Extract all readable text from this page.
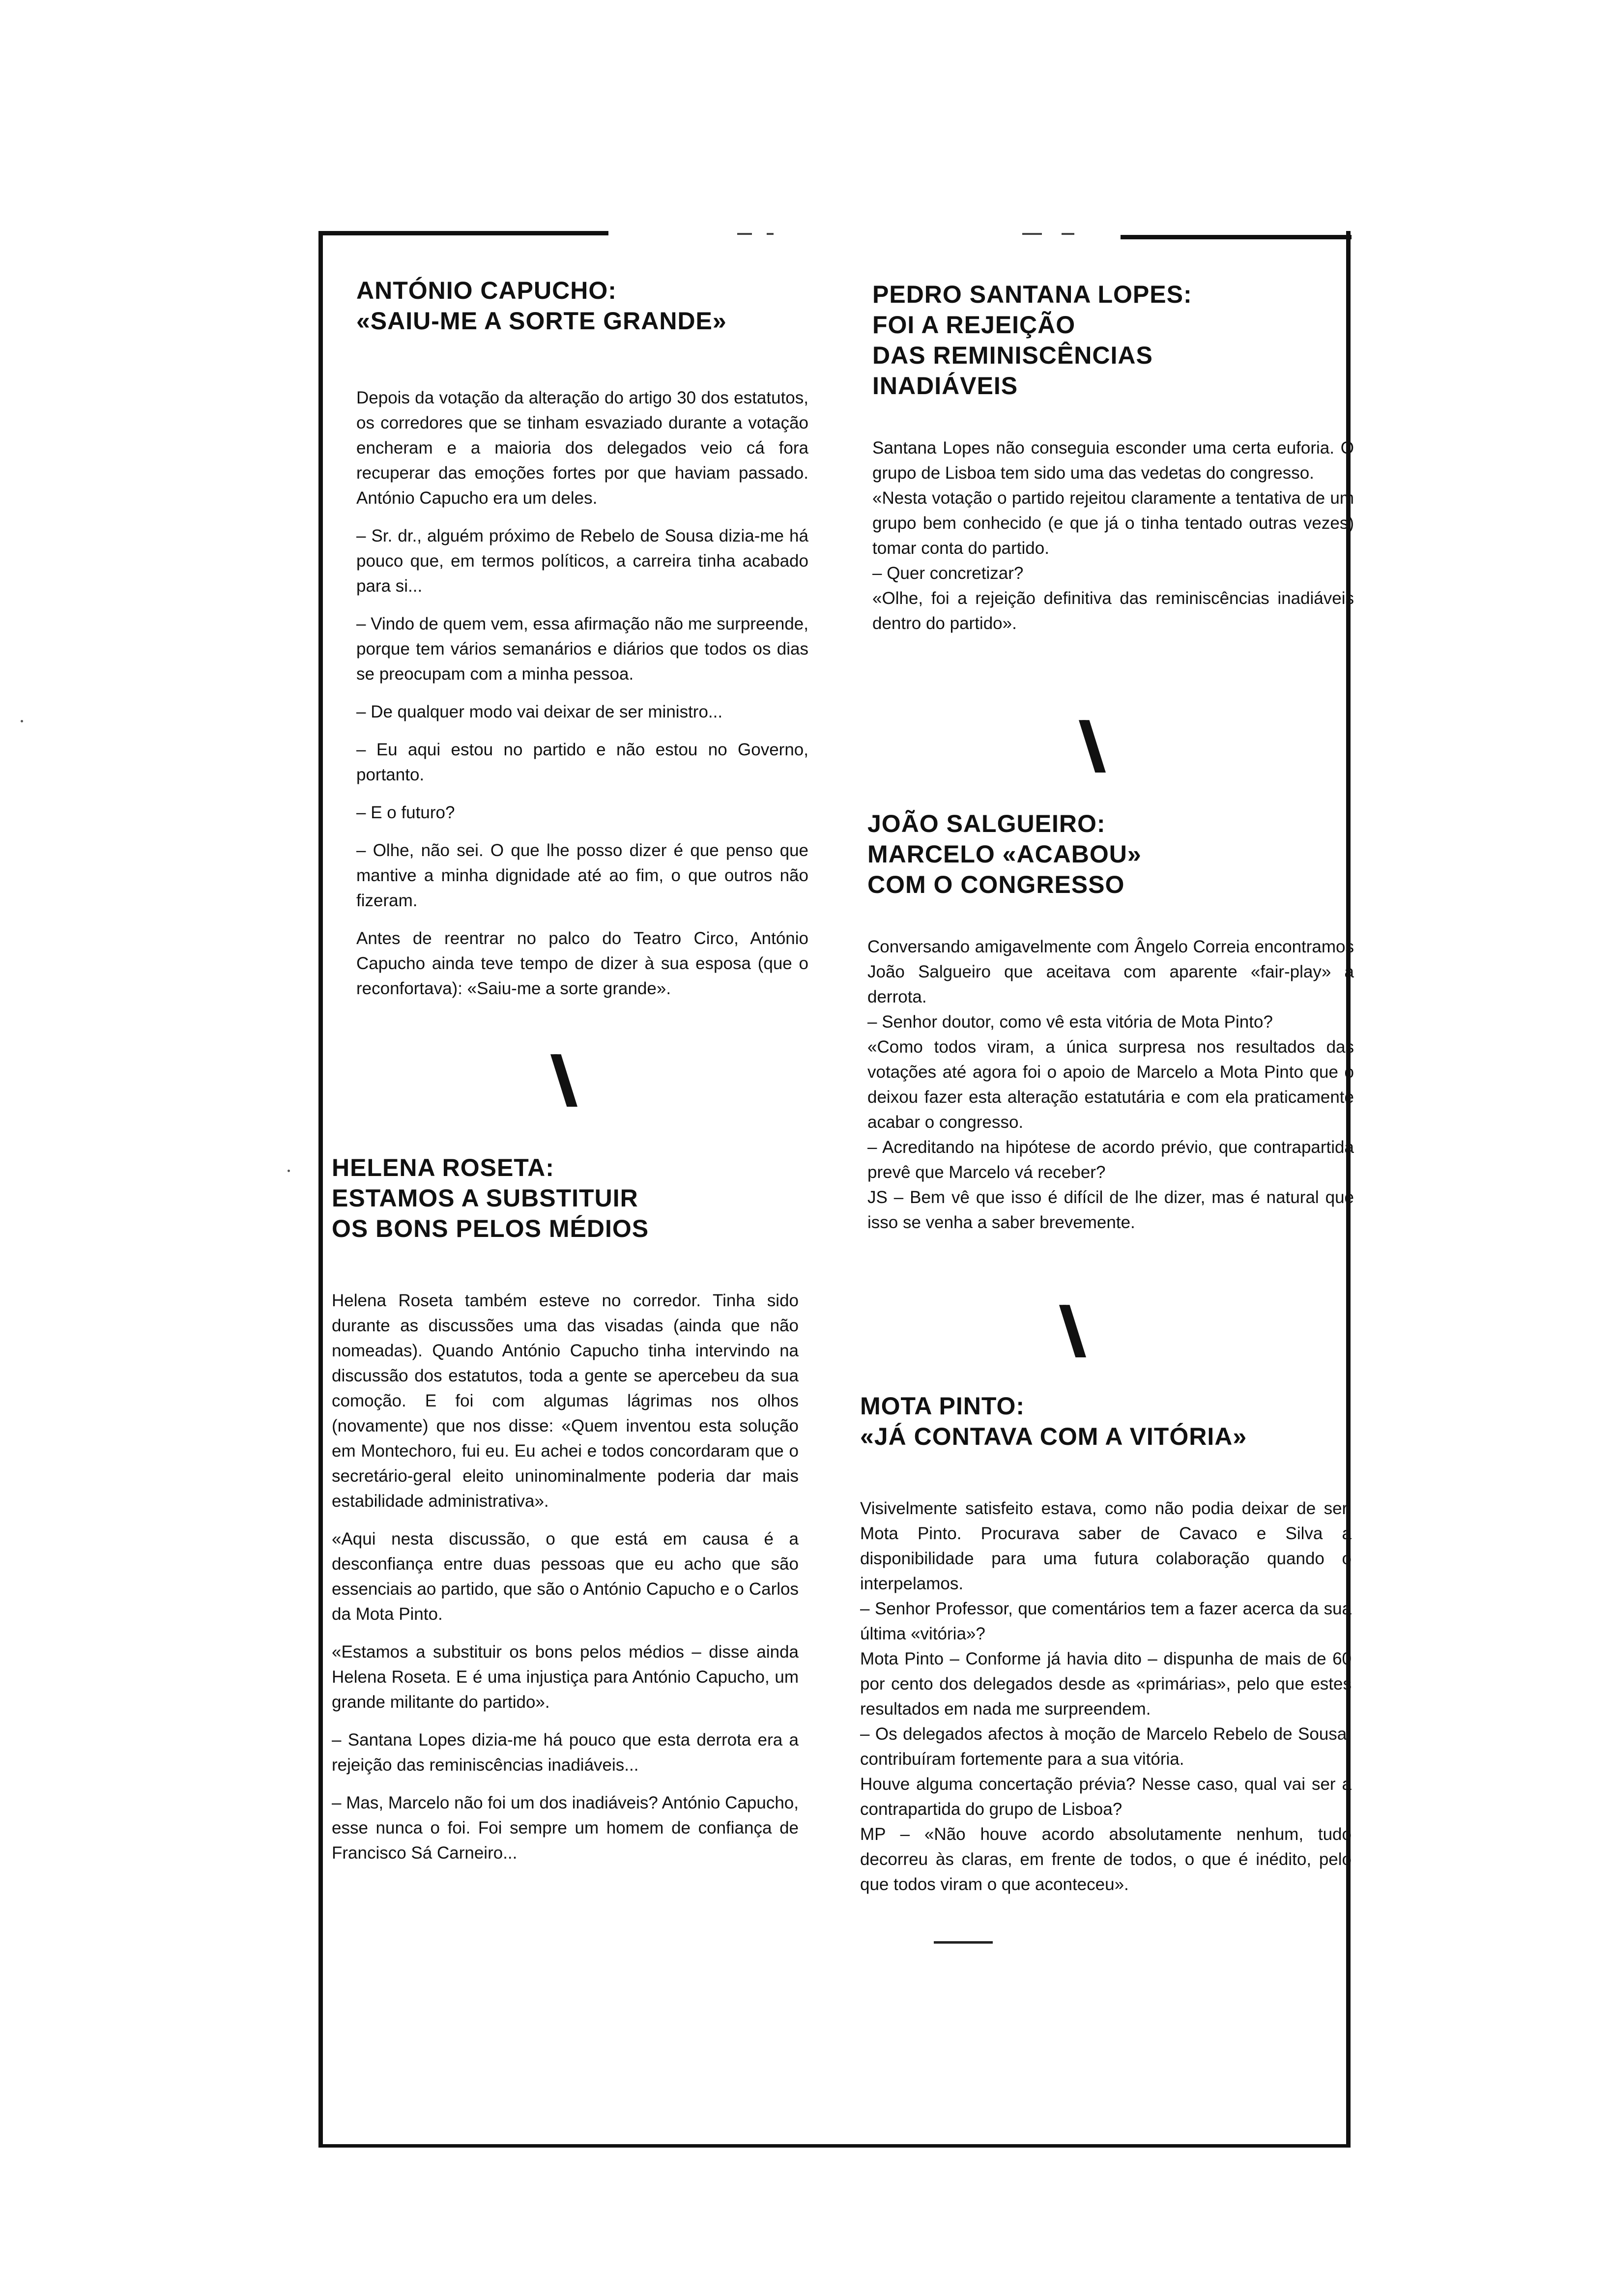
ANTÓNIO CAPUCHO:
«SAIU-ME A SORTE GRANDE»

Depois da votação da alteração do artigo 30 dos estatutos, os corredores que se tinham esvaziado durante a votação encheram e a maioria dos delegados veio cá fora recuperar das emoções fortes por que haviam passado. António Capucho era um deles.

– Sr. dr., alguém próximo de Rebelo de Sousa dizia-me há pouco que, em termos políticos, a carreira tinha acabado para si...

– Vindo de quem vem, essa afirmação não me surpreende, porque tem vários semanários e diários que todos os dias se preocupam com a minha pessoa.

– De qualquer modo vai deixar de ser ministro...

– Eu aqui estou no partido e não estou no Governo, portanto.

– E o futuro?

– Olhe, não sei. O que lhe posso dizer é que penso que mantive a minha dignidade até ao fim, o que outros não fizeram.

Antes de reentrar no palco do Teatro Circo, António Capucho ainda teve tempo de dizer à sua esposa (que o reconfortava): «Saiu-me a sorte grande».

\\
HELENA ROSETA:
ESTAMOS A SUBSTITUIR
OS BONS PELOS MÉDIOS

Helena Roseta também esteve no corredor. Tinha sido durante as discussões uma das visadas (ainda que não nomeadas). Quando António Capucho tinha intervindo na discussão dos estatutos, toda a gente se apercebeu da sua comoção. E foi com algumas lágrimas nos olhos (novamente) que nos disse: «Quem inventou esta solução em Montechoro, fui eu. Eu achei e todos concordaram que o secretário-geral eleito uninominalmente poderia dar mais estabilidade administrativa».

«Aqui nesta discussão, o que está em causa é a desconfiança entre duas pessoas que eu acho que são essenciais ao partido, que são o António Capucho e o Carlos da Mota Pinto.

«Estamos a substituir os bons pelos médios – disse ainda Helena Roseta. E é uma injustiça para António Capucho, um grande militante do partido».

– Santana Lopes dizia-me há pouco que esta derrota era a rejeição das reminiscências inadiáveis...

– Mas, Marcelo não foi um dos inadiáveis? António Capucho, esse nunca o foi. Foi sempre um homem de confiança de Francisco Sá Carneiro...

PEDRO SANTANA LOPES:
FOI A REJEIÇÃO
DAS REMINISCÊNCIAS
INADIÁVEIS

Santana Lopes não conseguia esconder uma certa euforia. O grupo de Lisboa tem sido uma das vedetas do congresso.

«Nesta votação o partido rejeitou claramente a tentativa de um grupo bem conhecido (e que já o tinha tentado outras vezes) tomar conta do partido.

– Quer concretizar?

«Olhe, foi a rejeição definitiva das reminiscências inadiáveis dentro do partido».

\\
JOÃO SALGUEIRO:
MARCELO «ACABOU»
COM O CONGRESSO

Conversando amigavelmente com Ângelo Correia encontramos João Salgueiro que aceitava com aparente «fair-play» a derrota.

– Senhor doutor, como vê esta vitória de Mota Pinto?

«Como todos viram, a única surpresa nos resultados das votações até agora foi o apoio de Marcelo a Mota Pinto que o deixou fazer esta alteração estatutária e com ela praticamente acabar o congresso.

– Acreditando na hipótese de acordo prévio, que contrapartida prevê que Marcelo vá receber?

JS – Bem vê que isso é difícil de lhe dizer, mas é natural que isso se venha a saber brevemente.

\\
MOTA PINTO:
«JÁ CONTAVA COM A VITÓRIA»

Visivelmente satisfeito estava, como não podia deixar de ser, Mota Pinto. Procurava saber de Cavaco e Silva a disponibilidade para uma futura colaboração quando o interpelamos.

– Senhor Professor, que comentários tem a fazer acerca da sua última «vitória»?

Mota Pinto – Conforme já havia dito – dispunha de mais de 60 por cento dos delegados desde as «primárias», pelo que estes resultados em nada me surpreendem.

– Os delegados afectos à moção de Marcelo Rebelo de Sousa, contribuíram fortemente para a sua vitória.

Houve alguma concertação prévia? Nesse caso, qual vai ser a contrapartida do grupo de Lisboa?

MP – «Não houve acordo absolutamente nenhum, tudo decorreu às claras, em frente de todos, o que é inédito, pelo que todos viram o que aconteceu».
